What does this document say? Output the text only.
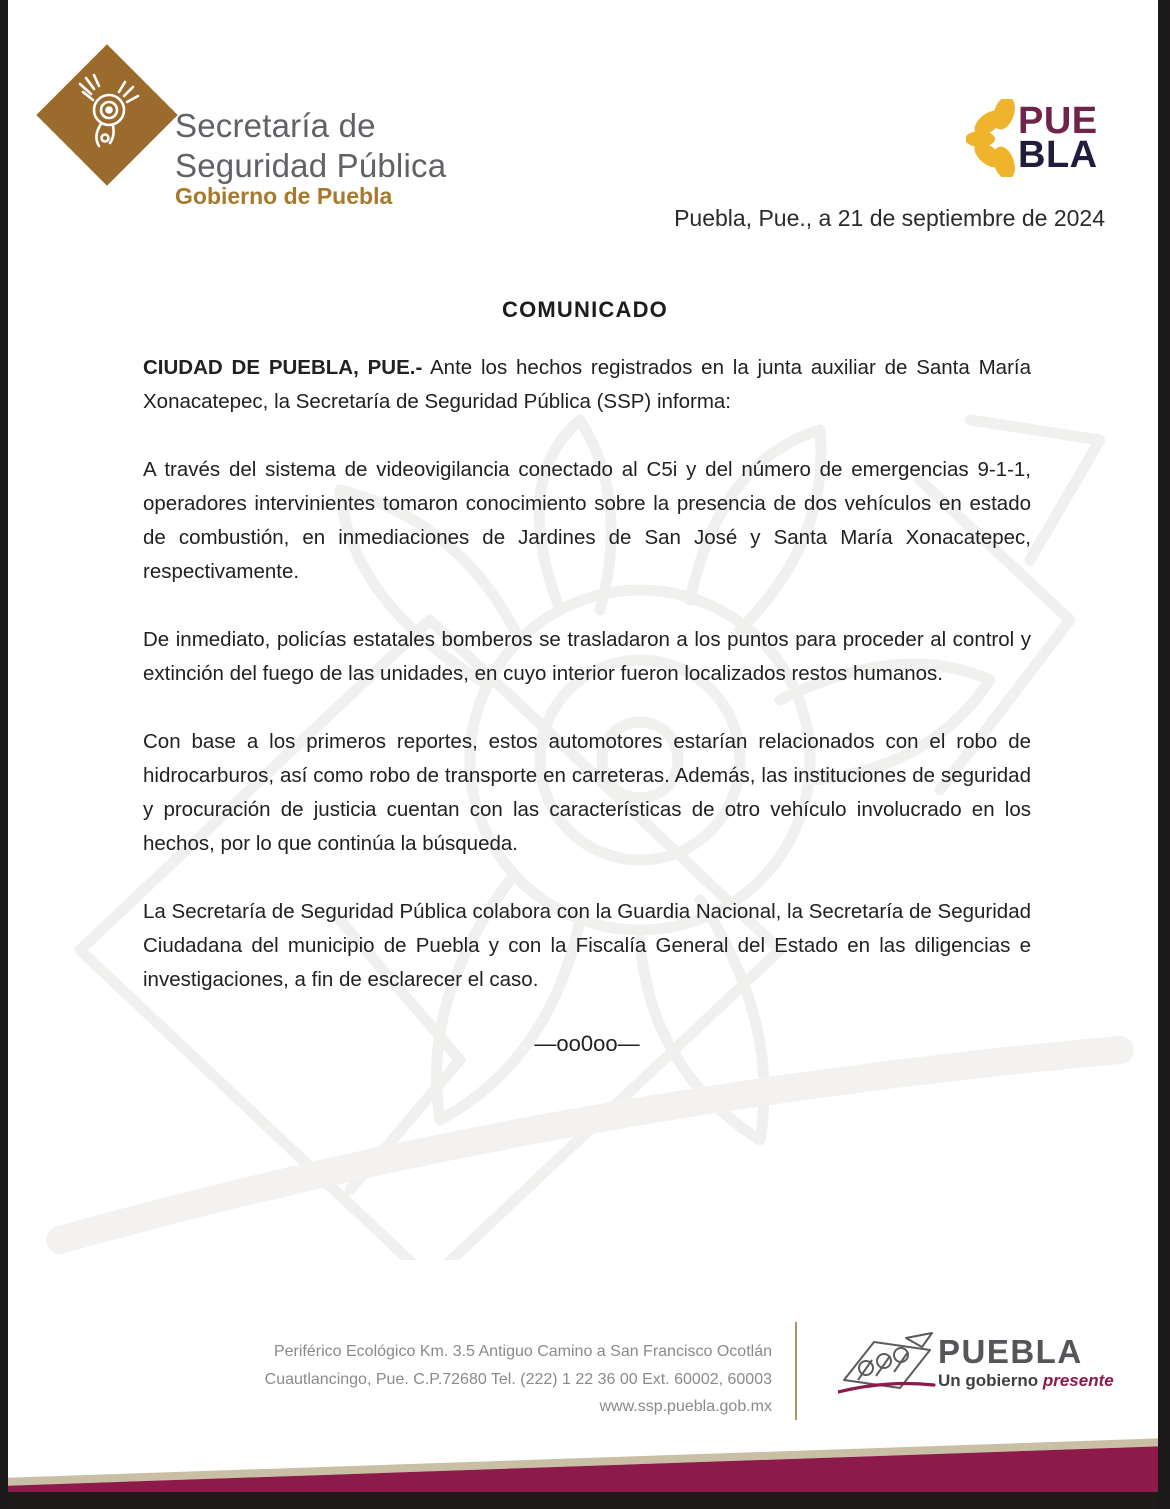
Secretaría de
Seguridad Pública
Gobierno de Puebla
PUE
BLA
Puebla, Pue., a 21 de septiembre de 2024
COMUNICADO

CIUDAD DE PUEBLA, PUE.- Ante los hechos registrados en la junta auxiliar de Santa María Xonacatepec, la Secretaría de Seguridad Pública (SSP) informa:

A través del sistema de videovigilancia conectado al C5i y del número de emergencias 9-1-1, operadores intervinientes tomaron conocimiento sobre la presencia de dos vehículos en estado de combustión, en inmediaciones de Jardines de San José y Santa María Xonacatepec, respectivamente.

De inmediato, policías estatales bomberos se trasladaron a los puntos para proceder al control y extinción del fuego de las unidades, en cuyo interior fueron localizados restos humanos.

Con base a los primeros reportes, estos automotores estarían relacionados con el robo de hidrocarburos, así como robo de transporte en carreteras. Además, las instituciones de seguridad y procuración de justicia cuentan con las características de otro vehículo involucrado en los hechos, por lo que continúa la búsqueda.

La Secretaría de Seguridad Pública colabora con la Guardia Nacional, la Secretaría de Seguridad Ciudadana del municipio de Puebla y con la Fiscalía General del Estado en las diligencias e investigaciones, a fin de esclarecer el caso.

—oo0oo—
Periférico Ecológico Km. 3.5 Antiguo Camino a San Francisco Ocotlán
Cuautlancingo, Pue. C.P.72680 Tel. (222) 1 22 36 00 Ext. 60002, 60003
www.ssp.puebla.gob.mx
PUEBLA
Un gobierno presente
